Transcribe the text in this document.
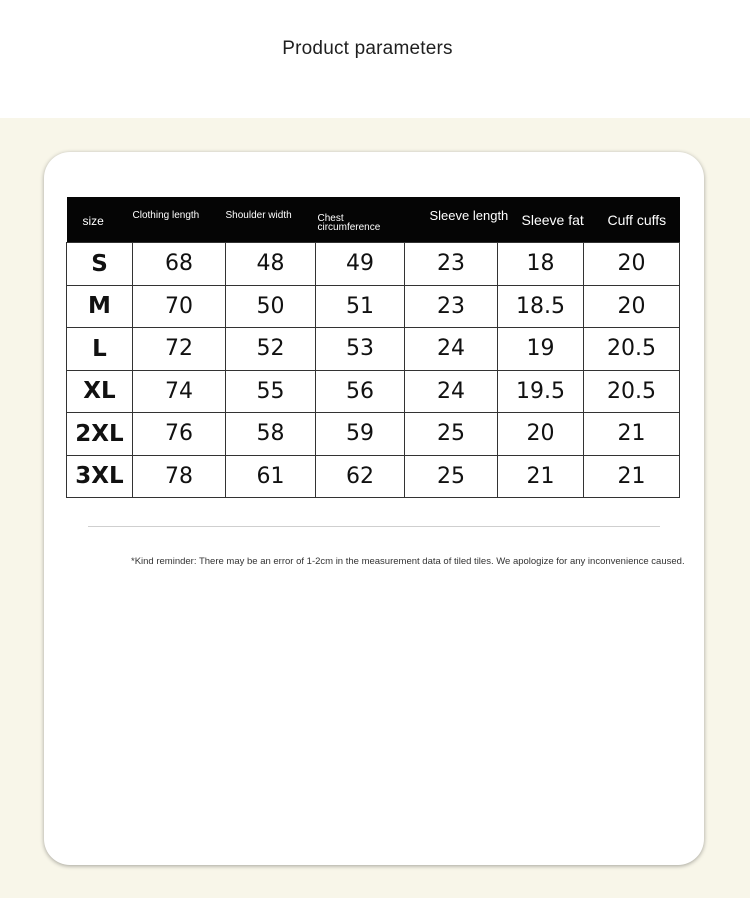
Product parameters
size	Clothing length	Shoulder width	Chest circumference	Sleeve length	Sleeve fat	Cuff cuffs
S	68	48	49	23	18	20
M	70	50	51	23	18.5	20
L	72	52	53	24	19	20.5
XL	74	55	56	24	19.5	20.5
2XL	76	58	59	25	20	21
3XL	78	61	62	25	21	21
*Kind reminder: There may be an error of 1-2cm in the measurement data of tiled tiles. We apologize for any inconvenience caused.
